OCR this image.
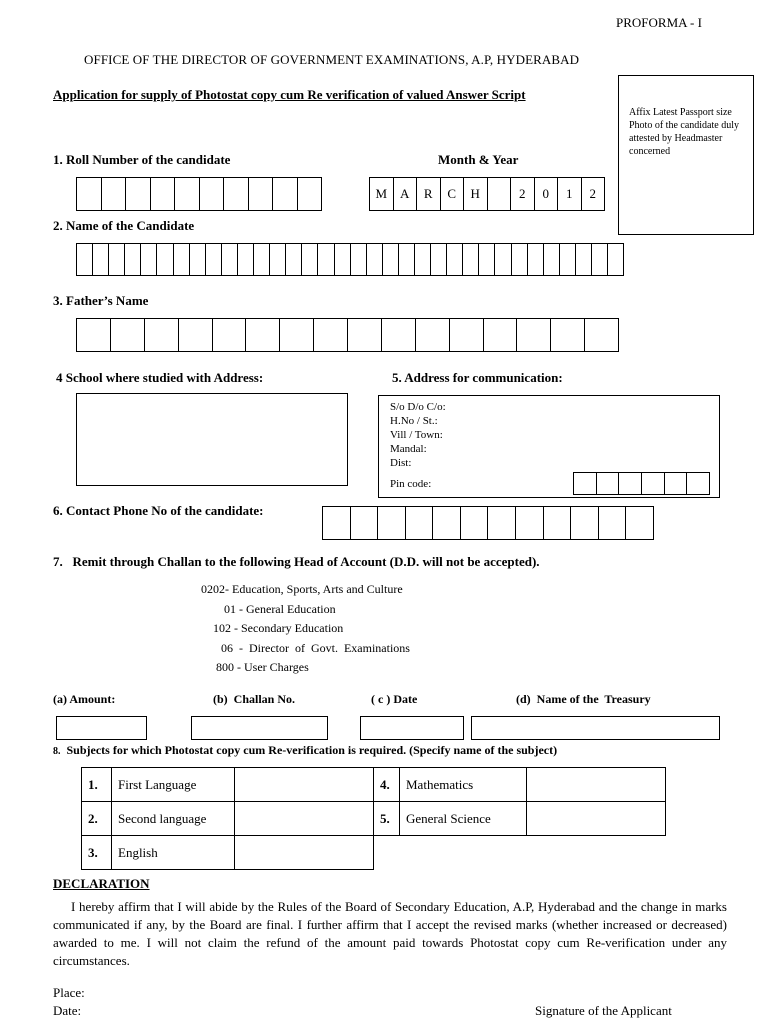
PROFORMA - I
OFFICE OF THE DIRECTOR OF GOVERNMENT EXAMINATIONS, A.P, HYDERABAD
Application for supply of Photostat copy cum Re verification of valued Answer Script
Affix Latest Passport size Photo of the candidate duly attested by Headmaster concerned
1. Roll Number of the candidate	Month & Year
M	A	R	C	H	2	0	1	2
2. Name of the Candidate
3. Father’s Name
4 School where studied with Address:	5. Address for communication:
S/o D/o C/o:
H.No / St.:
Vill / Town:
Mandal:
Dist:
Pin code:
6. Contact Phone No of the candidate:
7.   Remit through Challan to the following Head of Account (D.D. will not be accepted).
0202- Education, Sports, Arts and Culture
01 - General Education
102 - Secondary Education
06  -  Director  of  Govt.  Examinations
800 - User Charges
(a) Amount:	(b)  Challan No.	( c ) Date	(d)  Name of the  Treasury
8. Subjects for which Photostat copy cum Re-verification is required. (Specify name of the subject)
1.	First Language		4.	Mathematics	
2.	Second language		5.	General Science	
3.	English				
DECLARATION
I hereby affirm that I will abide by the Rules of the Board of Secondary Education, A.P, Hyderabad and the change in marks communicated if any, by the Board are final. I further affirm that I accept the revised marks (whether increased or decreased) awarded to me. I will not claim the refund of the amount paid towards Photostat copy cum Re-verification under any circumstances.
Place:
Date:	Signature of the Applicant
